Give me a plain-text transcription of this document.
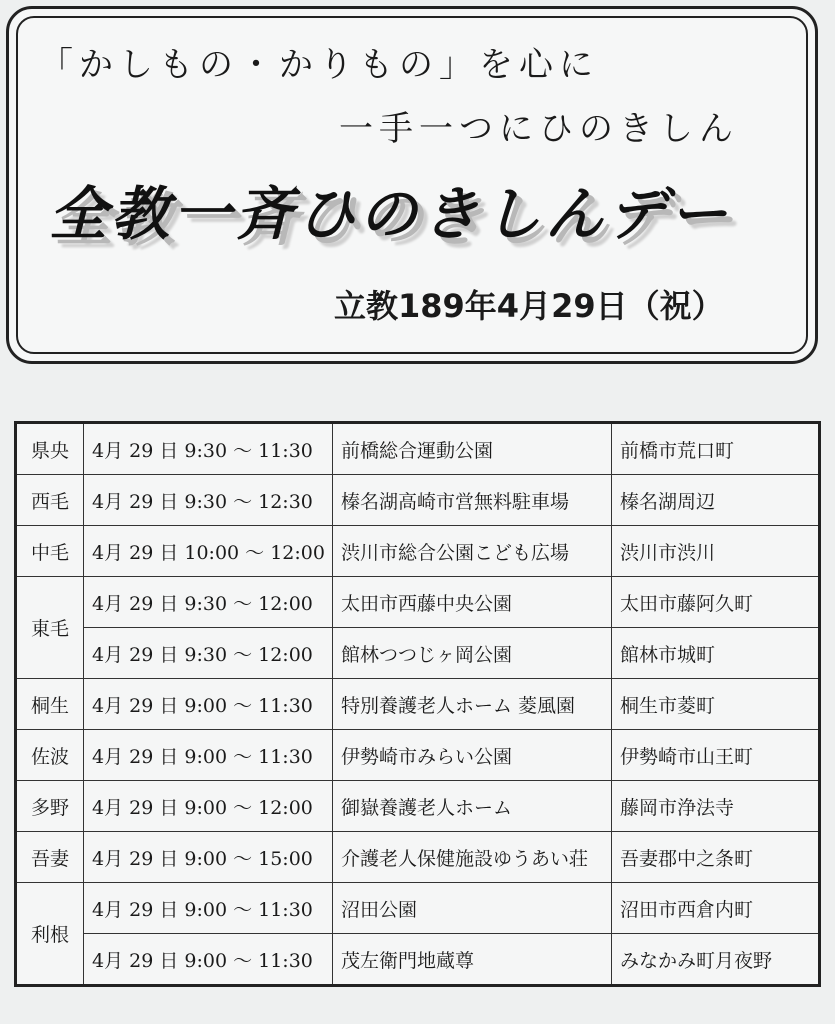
「かしもの・かりもの」を心に
一手一つにひのきしん
全教一斉ひのきしんデー
立教189年4月29日（祝）
県央	4月 29 日 9:30 〜 11:30	前橋総合運動公園	前橋市荒口町
西毛	4月 29 日 9:30 〜 12:30	榛名湖高崎市営無料駐車場	榛名湖周辺
中毛	4月 29 日 10:00 〜 12:00	渋川市総合公園こども広場	渋川市渋川
東毛	4月 29 日 9:30 〜 12:00	太田市西藤中央公園	太田市藤阿久町
	4月 29 日 9:30 〜 12:00	館林つつじヶ岡公園	館林市城町
桐生	4月 29 日 9:00 〜 11:30	特別養護老人ホーム 菱風園	桐生市菱町
佐波	4月 29 日 9:00 〜 11:30	伊勢崎市みらい公園	伊勢崎市山王町
多野	4月 29 日 9:00 〜 12:00	御嶽養護老人ホーム	藤岡市浄法寺
吾妻	4月 29 日 9:00 〜 15:00	介護老人保健施設ゆうあい荘	吾妻郡中之条町
利根	4月 29 日 9:00 〜 11:30	沼田公園	沼田市西倉内町
	4月 29 日 9:00 〜 11:30	茂左衛門地蔵尊	みなかみ町月夜野
